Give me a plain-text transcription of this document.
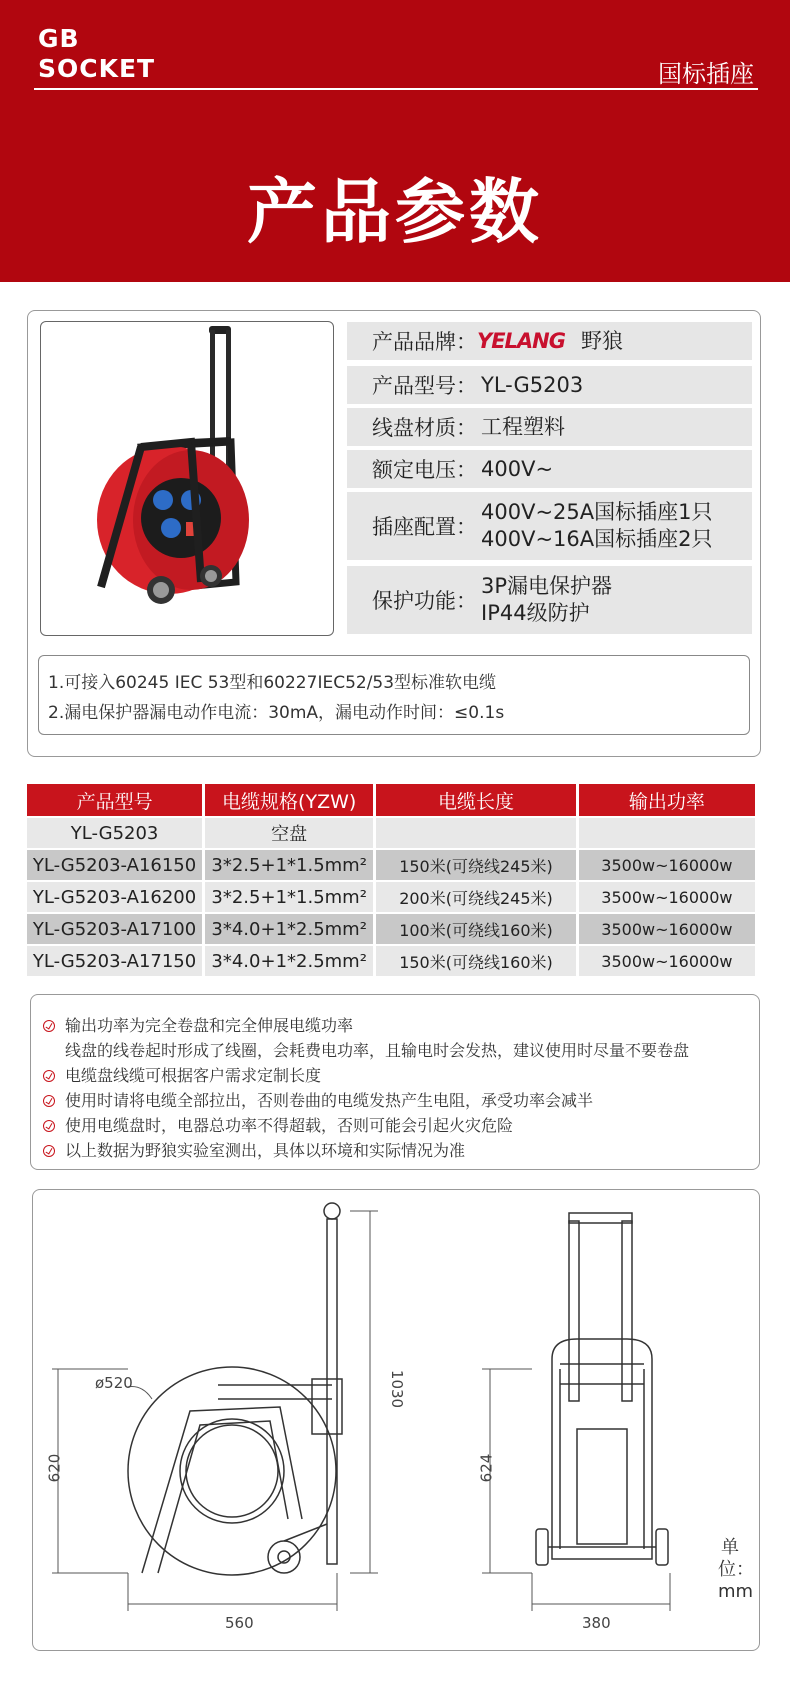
GB
SOCKET	国标插座
产品参数
产品品牌： YELANG 野狼
产品型号： YL-G5203
线盘材质： 工程塑料
额定电压： 400V~
插座配置：
400V~25A国标插座1只
400V~16A国标插座2只
保护功能：
3P漏电保护器
IP44级防护
1.可接入60245 IEC 53型和60227IEC52/53型标准软电缆
2.漏电保护器漏电动作电流：30mA，漏电动作时间：≤0.1s
产品型号	电缆规格(YZW)	电缆长度	输出功率
YL-G5203	空盘		
YL-G5203-A16150	3*2.5+1*1.5mm²	150米(可绕线245米)	3500w~16000w
YL-G5203-A16200	3*2.5+1*1.5mm²	200米(可绕线245米)	3500w~16000w
YL-G5203-A17100	3*4.0+1*2.5mm²	100米(可绕线160米)	3500w~16000w
YL-G5203-A17150	3*4.0+1*2.5mm²	150米(可绕线160米)	3500w~16000w
输出功率为完全卷盘和完全伸展电缆功率
线盘的线卷起时形成了线圈，会耗费电功率，且输电时会发热，建议使用时尽量不要卷盘
电缆盘线缆可根据客户需求定制长度
使用时请将电缆全部拉出，否则卷曲的电缆发热产生电阻，承受功率会减半
使用电缆盘时，电器总功率不得超载，否则可能会引起火灾危险
以上数据为野狼实验室测出，具体以环境和实际情况为准
ø520
620
1030
560
624
380
单位：mm
